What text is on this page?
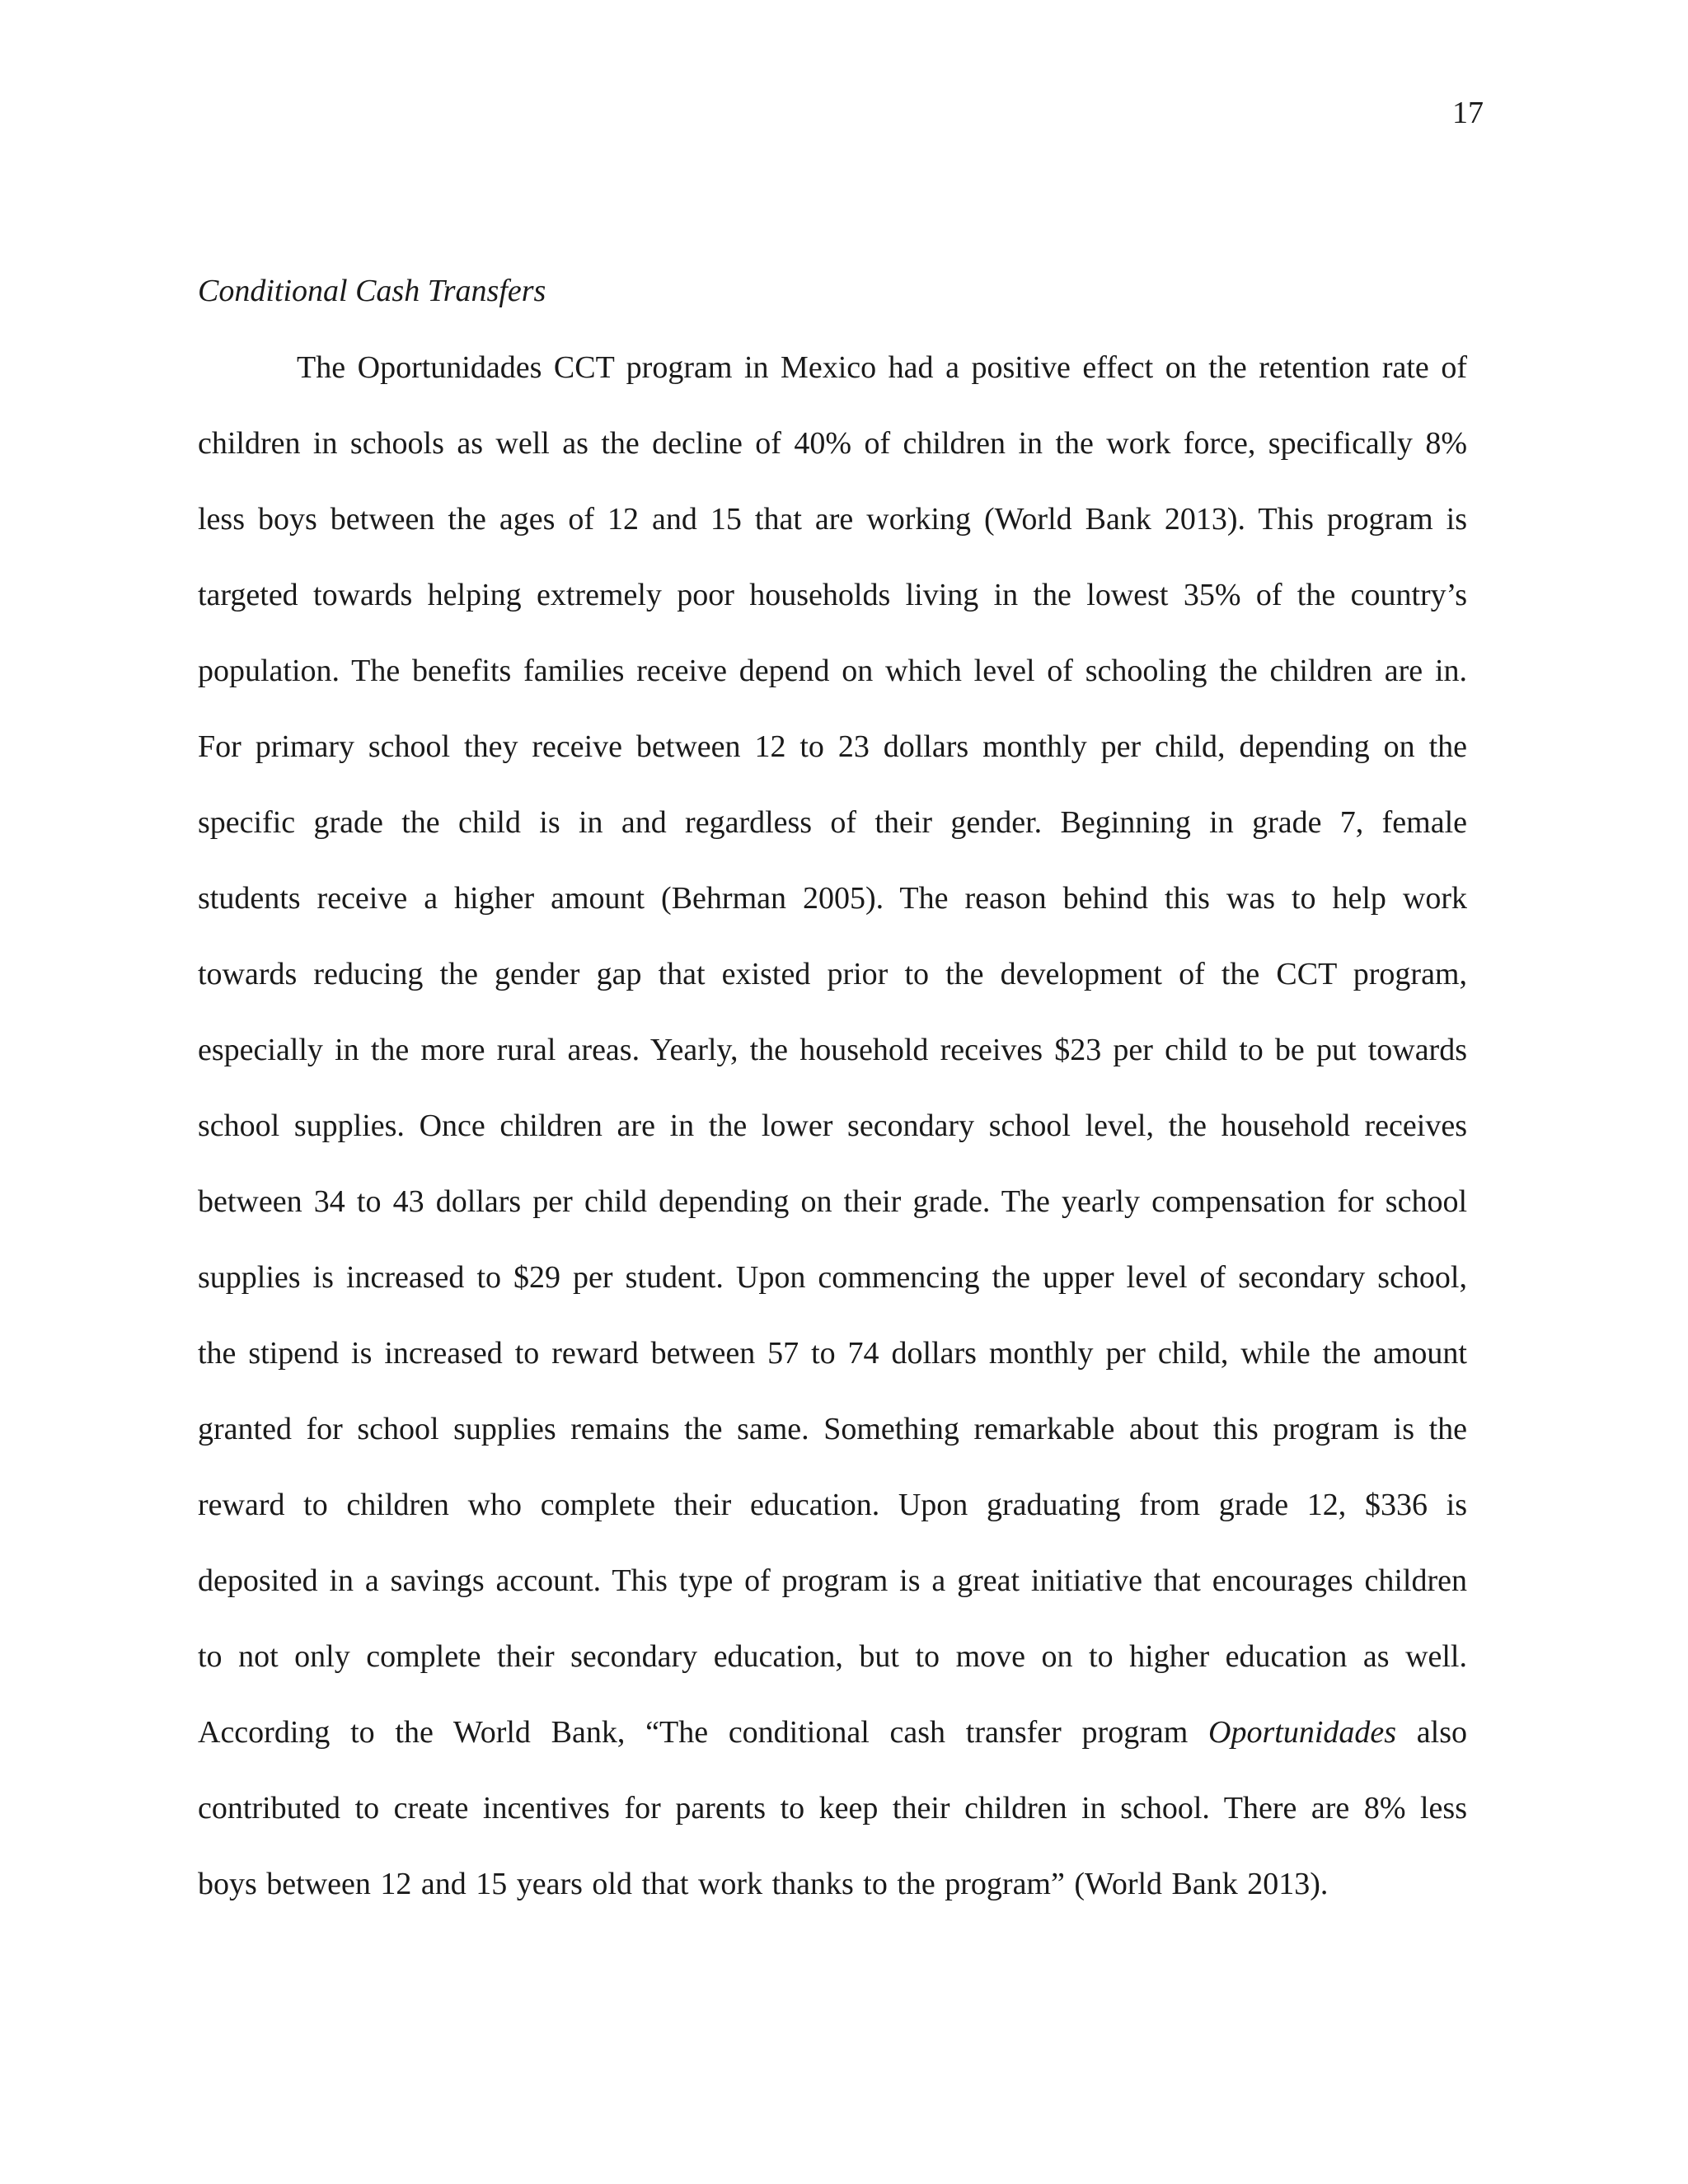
17
Conditional Cash Transfers
The Oportunidades CCT program in Mexico had a positive effect on the retention rate of
children in schools as well as the decline of 40% of children in the work force, specifically 8%
less boys between the ages of 12 and 15 that are working (World Bank 2013). This program is
targeted towards helping extremely poor households living in the lowest 35% of the country’s
population. The benefits families receive depend on which level of schooling the children are in.
For primary school they receive between 12 to 23 dollars monthly per child, depending on the
specific grade the child is in and regardless of their gender. Beginning in grade 7, female
students receive a higher amount (Behrman 2005). The reason behind this was to help work
towards reducing the gender gap that existed prior to the development of the CCT program,
especially in the more rural areas. Yearly, the household receives $23 per child to be put towards
school supplies. Once children are in the lower secondary school level, the household receives
between 34 to 43 dollars per child depending on their grade. The yearly compensation for school
supplies is increased to $29 per student. Upon commencing the upper level of secondary school,
the stipend is increased to reward between 57 to 74 dollars monthly per child, while the amount
granted for school supplies remains the same. Something remarkable about this program is the
reward to children who complete their education. Upon graduating from grade 12, $336 is
deposited in a savings account. This type of program is a great initiative that encourages children
to not only complete their secondary education, but to move on to higher education as well.
According to the World Bank, “The conditional cash transfer program Oportunidades also
contributed to create incentives for parents to keep their children in school. There are 8% less
boys between 12 and 15 years old that work thanks to the program” (World Bank 2013).
